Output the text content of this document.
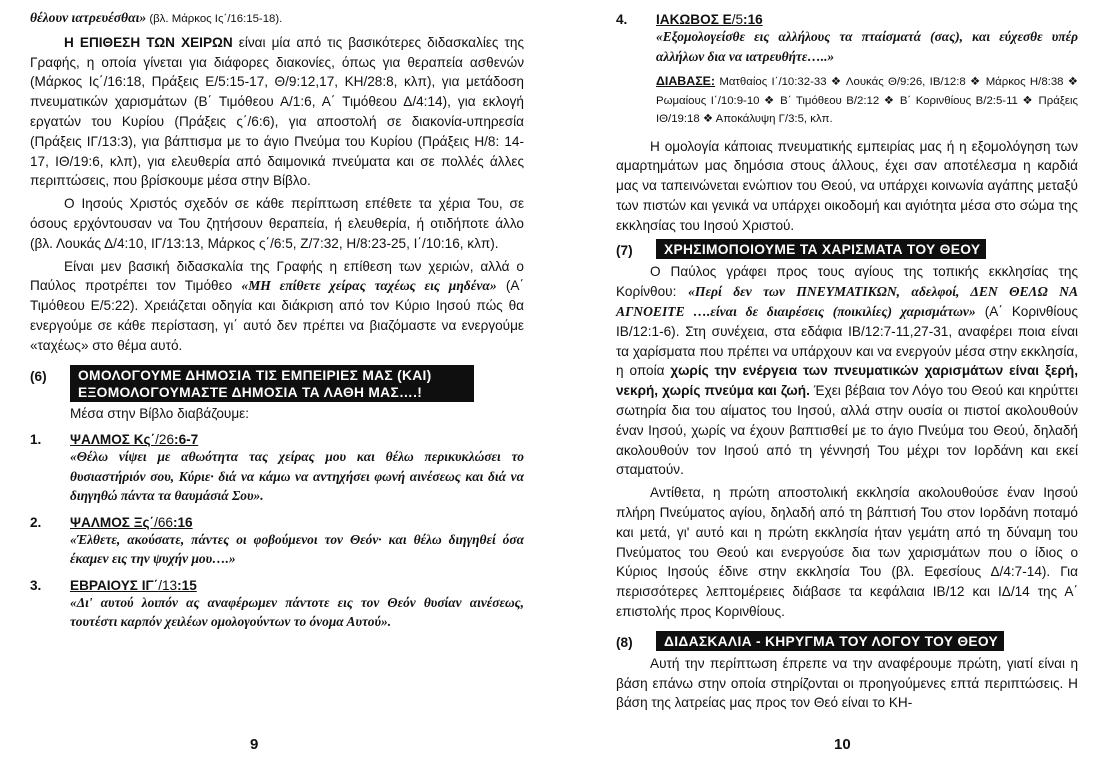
θέλουν ιατρευέσθαι» (βλ. Μάρκος Ις΄/16:15-18).

Η ΕΠΙΘΕΣΗ ΤΩΝ ΧΕΙΡΩΝ είναι μία από τις βασικότερες διδασκαλίες της Γραφής, η οποία γίνεται για διάφορες διακονίες, όπως για θεραπεία ασθενών (Μάρκος Ις΄/16:18, Πράξεις Ε/5:15-17, Θ/9:12,17, ΚΗ/28:8, κλπ), για μετάδοση πνευματικών χαρισμάτων (Β΄ Τιμόθεου Α/1:6, Α΄ Τιμόθεου Δ/4:14), για εκλογή εργατών του Κυρίου (Πράξεις ς΄/6:6), για αποστολή σε διακονία-υπηρεσία (Πράξεις ΙΓ/13:3), για βάπτισμα με το άγιο Πνεύμα του Κυρίου (Πράξεις Η/8: 14-17, ΙΘ/19:6, κλπ), για ελευθερία από δαιμονικά πνεύματα και σε πολλές άλλες περιπτώσεις, που βρίσκουμε μέσα στην Βίβλο.

Ο Ιησούς Χριστός σχεδόν σε κάθε περίπτωση επέθετε τα χέρια Του, σε όσους ερχόντουσαν να Του ζητήσουν θεραπεία, ή ελευθερία, ή οτιδήποτε άλλο (βλ. Λουκάς Δ/4:10, ΙΓ/13:13, Μάρκος ς΄/6:5, Ζ/7:32, Η/8:23-25, Ι΄/10:16, κλπ).

Είναι μεν βασική διδασκαλία της Γραφής η επίθεση των χεριών, αλλά ο Παύλος προτρέπει τον Τιμόθεο «ΜΗ επίθετε χείρας ταχέως εις μηδένα» (Α΄ Τιμόθεου Ε/5:22). Χρειάζεται οδηγία και διάκριση από τον Κύριο Ιησού πώς θα ενεργούμε σε κάθε περίσταση, γι΄ αυτό δεν πρέπει να βιαζόμαστε να ενεργούμε «ταχέως» στο θέμα αυτό.

(6)	ΟΜΟΛΟΓΟΥΜΕ ΔΗΜΟΣΙΑ ΤΙΣ ΕΜΠΕΙΡΙΕΣ ΜΑΣ (ΚΑΙ)
ΕΞΟΜΟΛΟΓΟΥΜΑΣΤΕ ΔΗΜΟΣΙΑ ΤΑ ΛΑΘΗ ΜΑΣ….!

Μέσα στην Βίβλο διαβάζουμε:

1.	ΨΑΛΜΟΣ Κς΄/26:6-7
«Θέλω νίψει με αθωότητα τας χείρας μου και θέλω περικυκλώσει το θυσιαστήριόν σου, Κύριε· διά να κάμω να αντηχήσει φωνή αινέσεως και διά να διηγηθώ πάντα τα θαυμάσιά Σου».
2.	ΨΑΛΜΟΣ Ξς΄/66:16
«Έλθετε, ακούσατε, πάντες οι φοβούμενοι τον Θεόν· και θέλω διηγηθεί όσα έκαμεν εις την ψυχήν μου….»
3.	ΕΒΡΑΙΟΥΣ ΙΓ΄/13:15
«Δι' αυτού λοιπόν ας αναφέρωμεν πάντοτε εις τον Θεόν θυσίαν αινέσεως, τουτέστι καρπόν χειλέων ομολογούντων το όνομα Αυτού».
9
4.	ΙΑΚΩΒΟΣ Ε/5:16
«Εξομολογείσθε εις αλλήλους τα πταίσματά (σας), και εύχεσθε υπέρ αλλήλων δια να ιατρευθήτε…..»
ΔΙΑΒΑΣΕ: Ματθαίος Ι΄/10:32-33 ❖ Λουκάς Θ/9:26, ΙΒ/12:8 ❖ Μάρκος Η/8:38 ❖ Ρωμαίους Ι΄/10:9-10 ❖ Β΄ Τιμόθεου Β/2:12 ❖ Β΄ Κορινθίους Β/2:5-11 ❖ Πράξεις ΙΘ/19:18 ❖ Αποκάλυψη Γ/3:5, κλπ.

Η ομολογία κάποιας πνευματικής εμπειρίας μας ή η εξομολόγηση των αμαρτημάτων μας δημόσια στους άλλους, έχει σαν αποτέλεσμα η καρδιά μας να ταπεινώνεται ενώπιον του Θεού, να υπάρχει κοινωνία αγάπης μεταξύ των πιστών και γενικά να υπάρχει οικοδομή και αγιότητα μέσα στο σώμα της εκκλησίας του Ιησού Χριστού.

(7)	ΧΡΗΣΙΜΟΠΟΙΟΥΜΕ ΤΑ ΧΑΡΙΣΜΑΤΑ ΤΟΥ ΘΕΟΥ

Ο Παύλος γράφει προς τους αγίους της τοπικής εκκλησίας της Κορίνθου: «Περί δεν των ΠΝΕΥΜΑΤΙΚΩΝ, αδελφοί, ΔΕΝ ΘΕΛΩ ΝΑ ΑΓΝΟΕΙΤΕ ….είναι δε διαιρέσεις (ποικιλίες) χαρισμάτων» (Α΄ Κορινθίους ΙΒ/12:1-6). Στη συνέχεια, στα εδάφια ΙΒ/12:7-11,27-31, αναφέρει ποια είναι τα χαρίσματα που πρέπει να υπάρχουν και να ενεργούν μέσα στην εκκλησία, η οποία χωρίς την ενέργεια των πνευματικών χαρισμάτων είναι ξερή, νεκρή, χωρίς πνεύμα και ζωή. Έχει βέβαια τον Λόγο του Θεού και κηρύττει σωτηρία δια του αίματος του Ιησού, αλλά στην ουσία οι πιστοί ακολουθούν έναν Ιησού, χωρίς να έχουν βαπτισθεί με το άγιο Πνεύμα του Θεού, δηλαδή ακολουθούν τον Ιησού από τη γέννησή Του μέχρι τον Ιορδάνη και εκεί σταματούν.

Αντίθετα, η πρώτη αποστολική εκκλησία ακολουθούσε έναν Ιησού πλήρη Πνεύματος αγίου, δηλαδή από τη βάπτισή Του στον Ιορδάνη ποταμό και μετά, γι' αυτό και η πρώτη εκκλησία ήταν γεμάτη από τη δύναμη του Πνεύματος του Θεού και ενεργούσε δια των χαρισμάτων που ο ίδιος ο Κύριος Ιησούς έδινε στην εκκλησία Του (βλ. Εφεσίους Δ/4:7-14). Για περισσότερες λεπτομέρειες διάβασε τα κεφάλαια ΙΒ/12 και ΙΔ/14 της Α΄ επιστολής προς Κορινθίους.

(8)	ΔΙΔΑΣΚΑΛΙΑ - ΚΗΡΥΓΜΑ ΤΟΥ ΛΟΓΟΥ ΤΟΥ ΘΕΟΥ

Αυτή την περίπτωση έπρεπε να την αναφέρουμε πρώτη, γιατί είναι η βάση επάνω στην οποία στηρίζονται οι προηγούμενες επτά περιπτώσεις. Η βάση της λατρείας μας προς τον Θεό είναι το ΚΗ-

10
